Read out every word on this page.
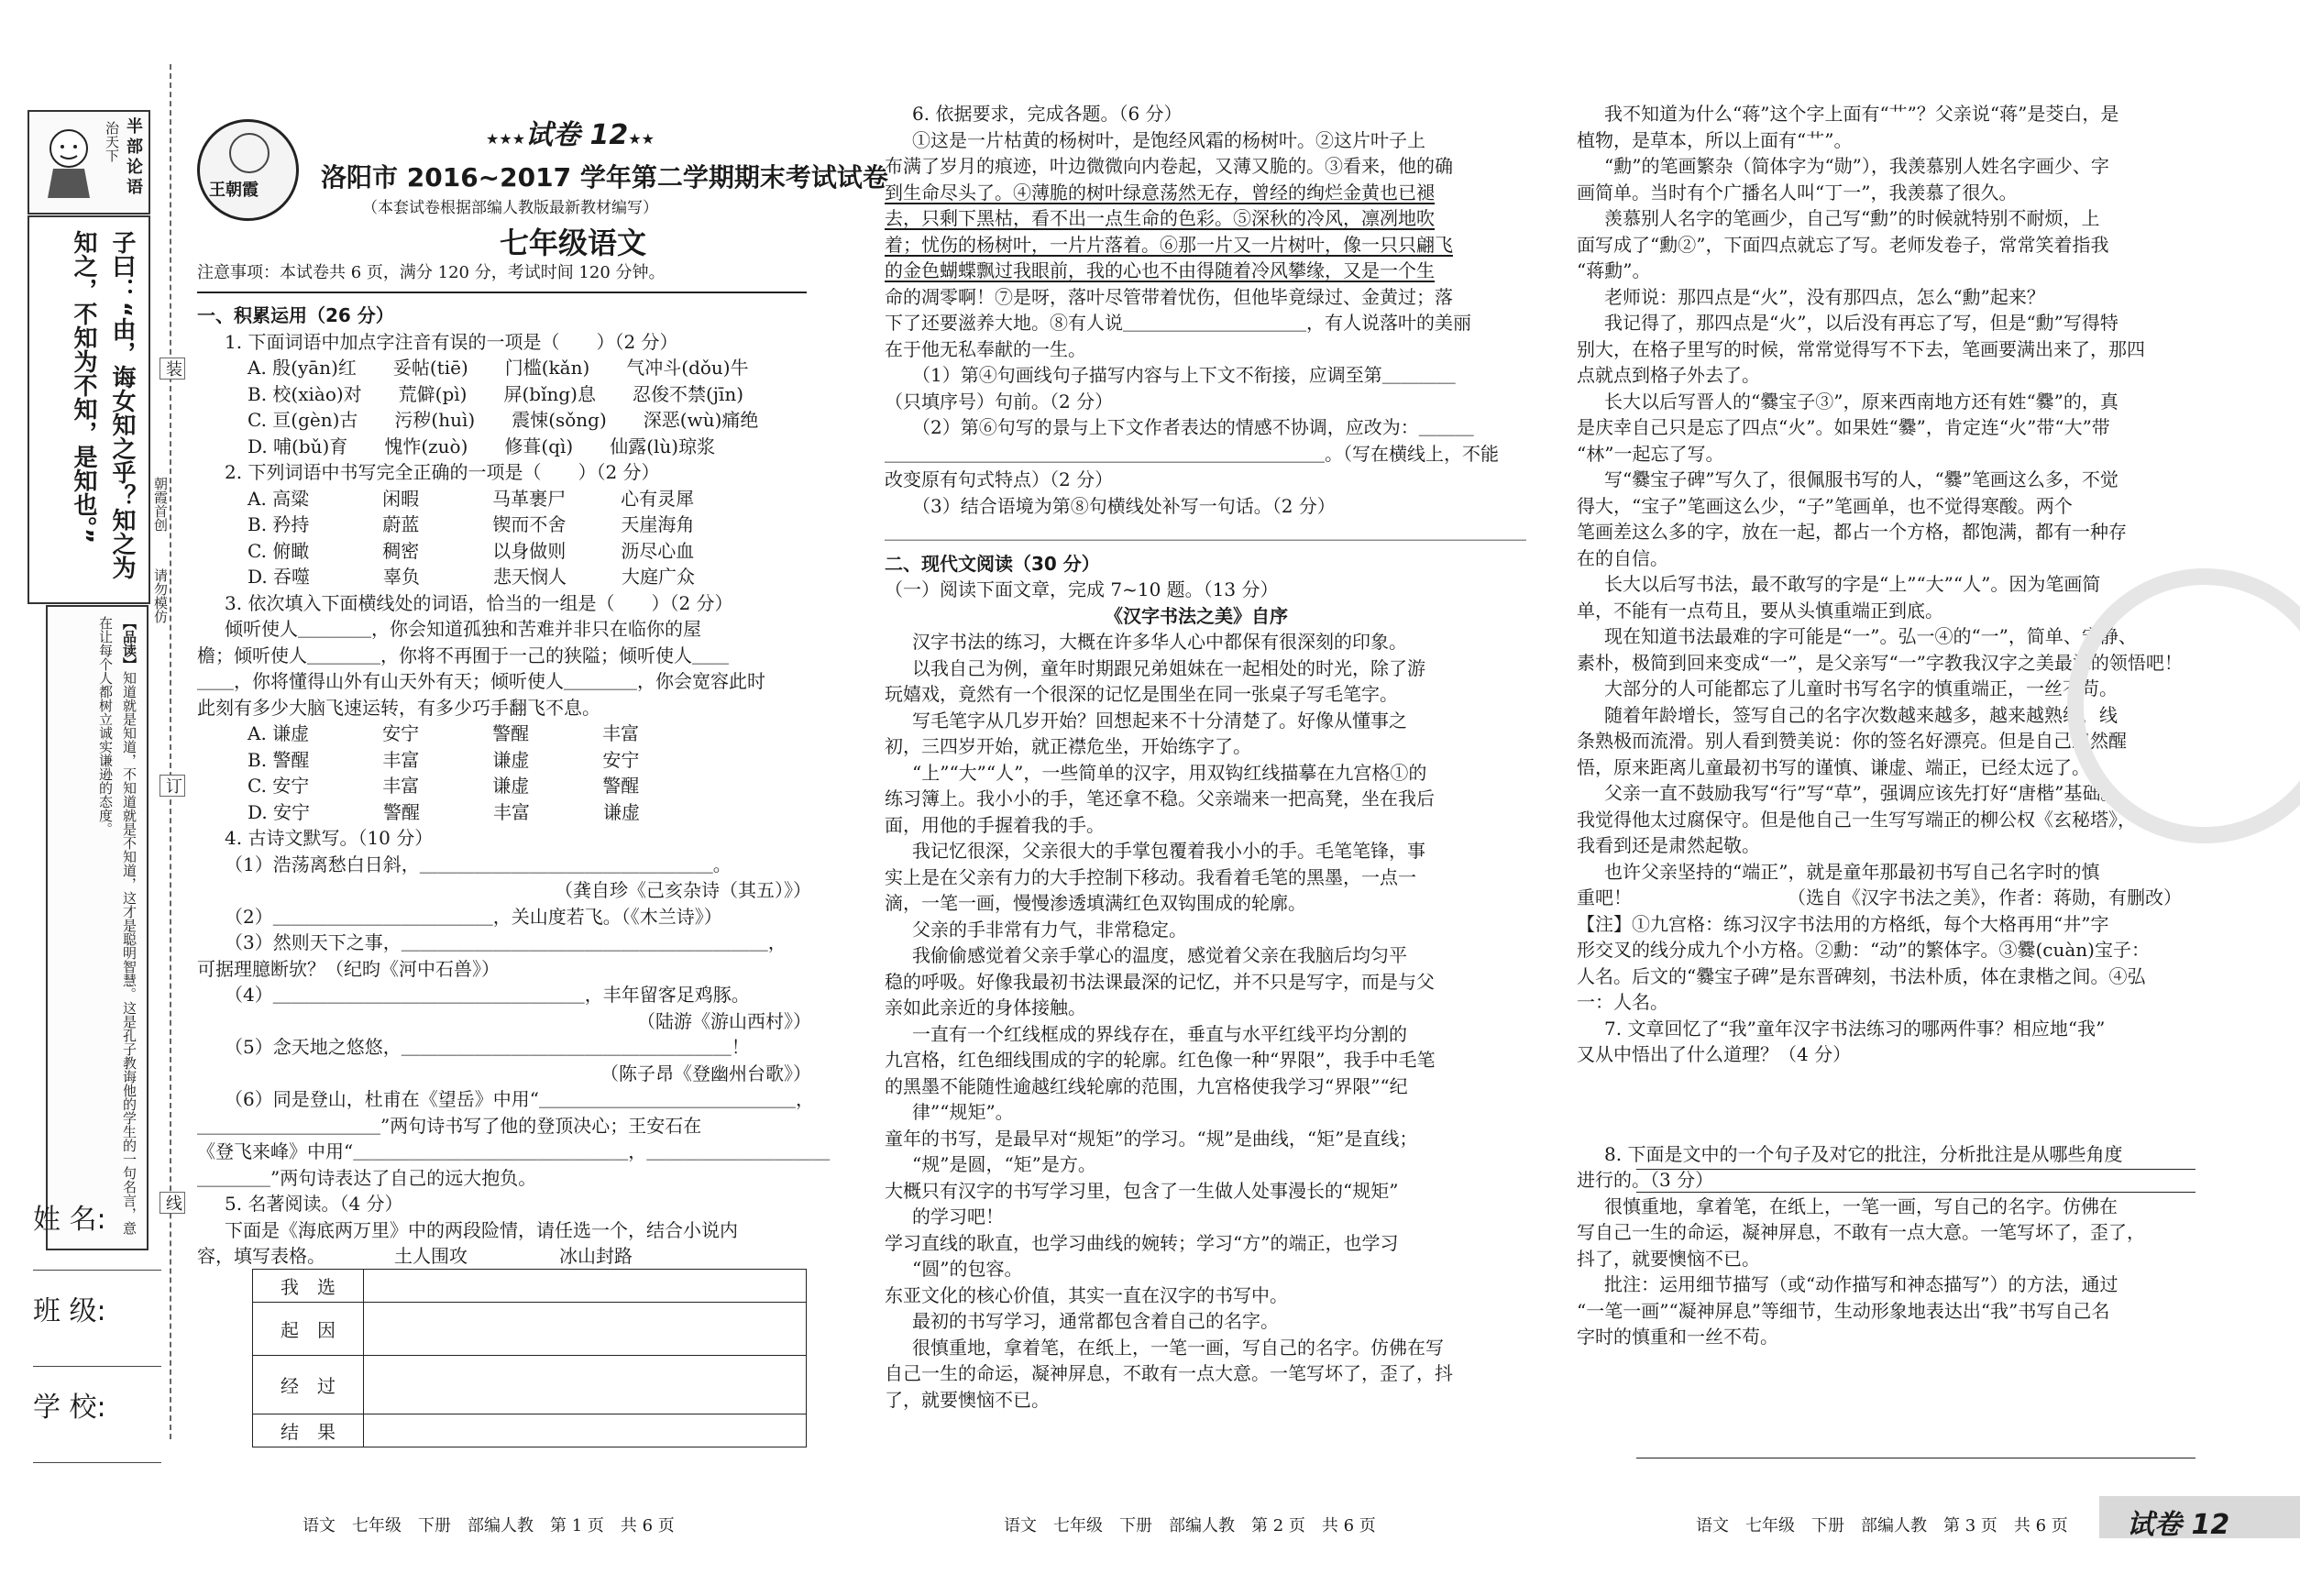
半部论语
治天下
子曰：“由，诲女知之乎？知之为知之，不知为不知，是知也。”
【品读】知道就是知道，不知道就是不知道，这才是聪明智慧。这是孔子教诲他的学生的一句名言，意在让每个人都树立诚实谦逊的态度。
装
订
线
朝霞首创
请勿模仿
姓 名:
班 级:
学 校:
王朝霞
★★★试卷 12★★
洛阳市 2016~2017 学年第二学期期末考试试卷
（本套试卷根据部编人教版最新教材编写）
七年级语文
注意事项：本试卷共 6 页，满分 120 分，考试时间 120 分钟。
一、积累运用（26 分）
1. 下面词语中加点字注音有误的一项是（　　）（2 分）
A. 殷(yān)红　　妥帖(tiē)　　门槛(kǎn)　　气冲斗(dǒu)牛
B. 校(xiào)对　　荒僻(pì)　　屏(bǐng)息　　忍俊不禁(jīn)
C. 亘(gèn)古　　污秽(huì)　　震悚(sǒng)　　深恶(wù)痛绝
D. 哺(bǔ)育　　愧怍(zuò)　　修葺(qì)　　仙露(lù)琼浆
2. 下列词语中书写完全正确的一项是（　　）（2 分）
A. 高粱　　　　闲暇　　　　马革裹尸　　　心有灵犀
B. 矜持　　　　蔚蓝　　　　锲而不舍　　　天崖海角
C. 俯瞰　　　　稠密　　　　以身做则　　　沥尽心血
D. 吞噬　　　　辜负　　　　悲天悯人　　　大庭广众
3. 依次填入下面横线处的词语，恰当的一组是（　　）（2 分）
倾听使人＿＿＿＿，你会知道孤独和苦难并非只在临你的屋
檐；倾听使人＿＿＿＿，你将不再囿于一己的狭隘；倾听使人＿＿
＿＿，你将懂得山外有山天外有天；倾听使人＿＿＿＿，你会宽容此时
此刻有多少大脑飞速运转，有多少巧手翻飞不息。
A. 谦虚　　　　安宁　　　　警醒　　　　丰富
B. 警醒　　　　丰富　　　　谦虚　　　　安宁
C. 安宁　　　　丰富　　　　谦虚　　　　警醒
D. 安宁　　　　警醒　　　　丰富　　　　谦虚
4. 古诗文默写。（10 分）
（1）浩荡离愁白日斜，＿＿＿＿＿＿＿＿＿＿＿＿＿＿＿＿。
（龚自珍《己亥杂诗（其五）》）
（2）＿＿＿＿＿＿＿＿＿＿＿＿，关山度若飞。（《木兰诗》）
（3）然则天下之事，＿＿＿＿＿＿＿＿＿＿＿＿＿＿＿＿＿＿＿＿，
可据理臆断欤？（纪昀《河中石兽》）
（4）＿＿＿＿＿＿＿＿＿＿＿＿＿＿＿＿＿，丰年留客足鸡豚。
（陆游《游山西村》）
（5）念天地之悠悠，＿＿＿＿＿＿＿＿＿＿＿＿＿＿＿＿＿＿！
（陈子昂《登幽州台歌》）
（6）同是登山，杜甫在《望岳》中用“＿＿＿＿＿＿＿＿＿＿＿＿＿＿，
＿＿＿＿＿＿＿＿＿＿”两句诗书写了他的登顶决心；王安石在
《登飞来峰》中用“＿＿＿＿＿＿＿＿＿＿＿＿＿＿＿，＿＿＿＿＿＿＿＿＿＿
＿＿＿＿”两句诗表达了自己的远大抱负。
5. 名著阅读。（4 分）
下面是《海底两万里》中的两段险情，请任选一个，结合小说内
容，填写表格。
我　选	
起　因	
经　过	
结　果	
土人围攻	冰山封路
6. 依据要求，完成各题。（6 分）
①这是一片枯黄的杨树叶，是饱经风霜的杨树叶。②这片叶子上
布满了岁月的痕迹，叶边微微向内卷起，又薄又脆的。③看来，他的确
到生命尽头了。④薄脆的树叶绿意荡然无存，曾经的绚烂金黄也已褪
去，只剩下黑枯，看不出一点生命的色彩。⑤深秋的冷风，凛冽地吹
着；忧伤的杨树叶，一片片落着。⑥那一片又一片树叶，像一只只翩飞
的金色蝴蝶飘过我眼前，我的心也不由得随着冷风攀缘，又是一个生
命的凋零啊！⑦是呀，落叶尽管带着忧伤，但他毕竟绿过、金黄过；落
下了还要滋养大地。⑧有人说＿＿＿＿＿＿＿＿＿＿，有人说落叶的美丽
在于他无私奉献的一生。
（1）第④句画线句子描写内容与上下文不衔接，应调至第＿＿＿＿
（只填序号）句前。（2 分）
（2）第⑥句写的景与上下文作者表达的情感不协调，应改为：＿＿＿
＿＿＿＿＿＿＿＿＿＿＿＿＿＿＿＿＿＿＿＿＿＿＿＿。（写在横线上，不能
改变原有句式特点）（2 分）
（3）结合语境为第⑧句横线处补写一句话。（2 分）
＿＿＿＿＿＿＿＿＿＿＿＿＿＿＿＿＿＿＿＿＿＿＿＿＿＿＿＿＿＿＿＿＿＿＿
二、现代文阅读（30 分）
（一）阅读下面文章，完成 7~10 题。（13 分）
《汉字书法之美》自序
汉字书法的练习，大概在许多华人心中都保有很深刻的印象。
以我自己为例，童年时期跟兄弟姐妹在一起相处的时光，除了游
玩嬉戏，竟然有一个很深的记忆是围坐在同一张桌子写毛笔字。
写毛笔字从几岁开始？回想起来不十分清楚了。好像从懂事之
初，三四岁开始，就正襟危坐，开始练字了。
“上”“大”“人”，一些简单的汉字，用双钩红线描摹在九宫格①的
练习簿上。我小小的手，笔还拿不稳。父亲端来一把高凳，坐在我后
面，用他的手握着我的手。
我记忆很深，父亲很大的手掌包覆着我小小的手。毛笔笔锋，事
实上是在父亲有力的大手控制下移动。我看着毛笔的黑墨，一点一
滴，一笔一画，慢慢渗透填满红色双钩围成的轮廓。
父亲的手非常有力气，非常稳定。
我偷偷感觉着父亲手掌心的温度，感觉着父亲在我脑后均匀平
稳的呼吸。好像我最初书法课最深的记忆，并不只是写字，而是与父
亲如此亲近的身体接触。
一直有一个红线框成的界线存在，垂直与水平红线平均分割的
九宫格，红色细线围成的字的轮廓。红色像一种“界限”，我手中毛笔
的黑墨不能随性逾越红线轮廓的范围，九宫格使我学习“界限”“纪
律”“规矩”。
童年的书写，是最早对“规矩”的学习。“规”是曲线，“矩”是直线；
“规”是圆，“矩”是方。
大概只有汉字的书写学习里，包含了一生做人处事漫长的“规矩”
的学习吧！
学习直线的耿直，也学习曲线的婉转；学习“方”的端正，也学习
“圆”的包容。
东亚文化的核心价值，其实一直在汉字的书写中。
最初的书写学习，通常都包含着自己的名字。
很慎重地，拿着笔，在纸上，一笔一画，写自己的名字。仿佛在写
自己一生的命运，凝神屏息，不敢有一点大意。一笔写坏了，歪了，抖
了，就要懊恼不已。
我不知道为什么“蒋”这个字上面有“艹”？父亲说“蒋”是茭白，是
植物，是草本，所以上面有“艹”。
“勳”的笔画繁杂（简体字为“勋”），我羡慕别人姓名字画少、字
画简单。当时有个广播名人叫“丁一”，我羡慕了很久。
羡慕别人名字的笔画少，自己写“勳”的时候就特别不耐烦，上
面写成了“勳②”，下面四点就忘了写。老师发卷子，常常笑着指我
“蒋勳”。
老师说：那四点是“火”，没有那四点，怎么“勳”起来？
我记得了，那四点是“火”，以后没有再忘了写，但是“勳”写得特
别大，在格子里写的时候，常常觉得写不下去，笔画要满出来了，那四
点就点到格子外去了。
长大以后写晋人的“爨宝子③”，原来西南地方还有姓“爨”的，真
是庆幸自己只是忘了四点“火”。如果姓“爨”，肯定连“火”带“大”带
“林”一起忘了写。
写“爨宝子碑”写久了，很佩服书写的人，“爨”笔画这么多，不觉
得大，“宝子”笔画这么少，“子”笔画单，也不觉得寒酸。两个
笔画差这么多的字，放在一起，都占一个方格，都饱满，都有一种存
在的自信。
长大以后写书法，最不敢写的字是“上”“大”“人”。因为笔画简
单，不能有一点苟且，要从头慎重端正到底。
现在知道书法最难的字可能是“一”。弘一④的“一”，简单、安静、
素朴，极简到回来变成“一”，是父亲写“一”字教我汉字之美最深的领悟吧！
大部分的人可能都忘了儿童时书写名字的慎重端正，一丝不苟。
随着年龄增长，签写自己的名字次数越来越多，越来越熟练，线
条熟极而流滑。别人看到赞美说：你的签名好漂亮。但是自己忽然醒
悟，原来距离儿童最初书写的谨慎、谦虚、端正，已经太远了。
父亲一直不鼓励我写“行”写“草”，强调应该先打好“唐楷”基础。
我觉得他太过腐保守。但是他自己一生写写端正的柳公权《玄秘塔》，
我看到还是肃然起敬。
也许父亲坚持的“端正”，就是童年那最初书写自己名字时的慎
重吧！　　　　　　　　　（选自《汉字书法之美》，作者：蒋勋，有删改）
【注】①九宫格：练习汉字书法用的方格纸，每个大格再用“井”字
形交叉的线分成九个小方格。②勳：“动”的繁体字。③爨(cuàn)宝子：
人名。后文的“爨宝子碑”是东晋碑刻，书法朴质，体在隶楷之间。④弘
一：人名。
7. 文章回忆了“我”童年汉字书法练习的哪两件事？相应地“我”
又从中悟出了什么道理？（4 分）
8. 下面是文中的一个句子及对它的批注，分析批注是从哪些角度
进行的。（3 分）
很慎重地，拿着笔，在纸上，一笔一画，写自己的名字。仿佛在
写自己一生的命运，凝神屏息，不敢有一点大意。一笔写坏了，歪了，
抖了，就要懊恼不已。
批注：运用细节描写（或“动作描写和神态描写”）的方法，通过
“一笔一画”“凝神屏息”等细节，生动形象地表达出“我”书写自己名
字时的慎重和一丝不苟。
语文　七年级　下册　部编人教　第 1 页　共 6 页	语文　七年级　下册　部编人教　第 2 页　共 6 页	语文　七年级　下册　部编人教　第 3 页　共 6 页 试卷 12
